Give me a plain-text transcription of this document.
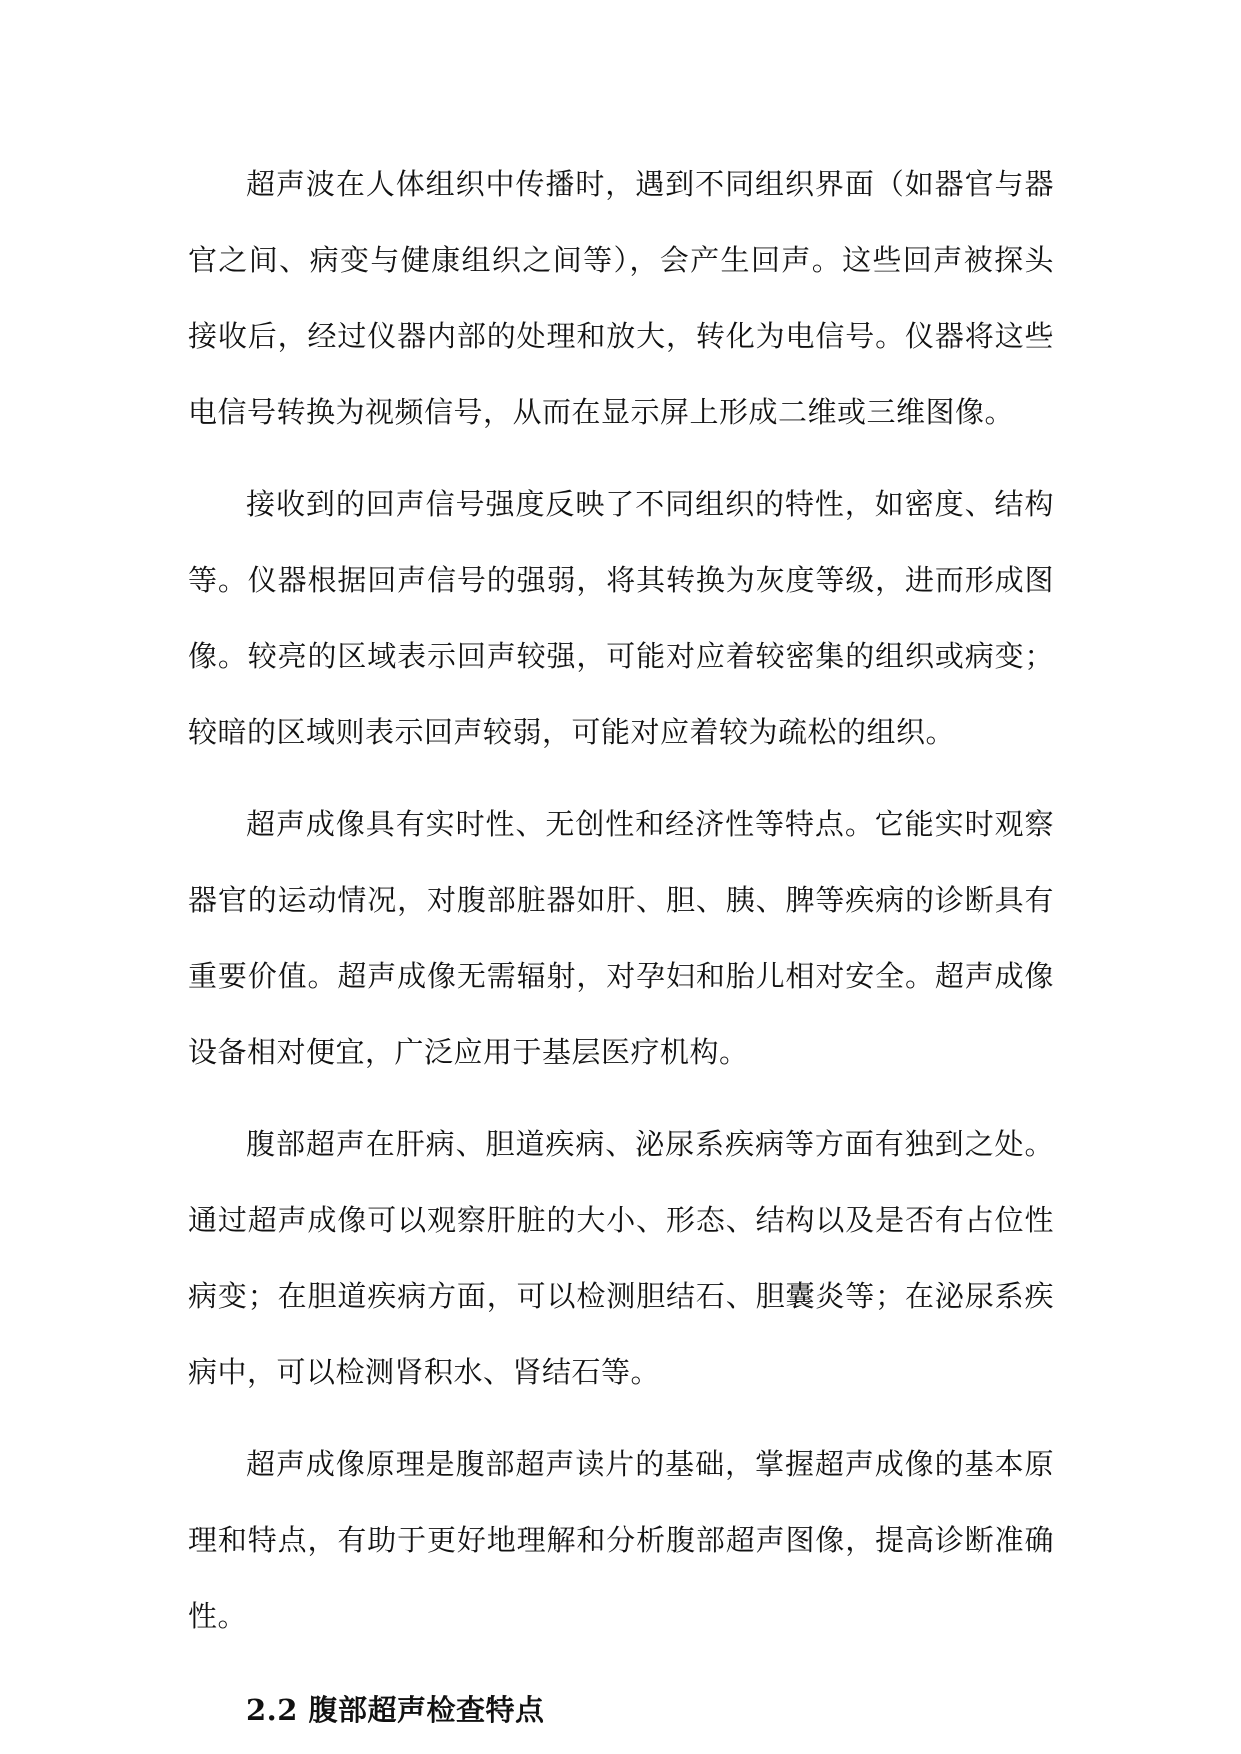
超声波在人体组织中传播时，遇到不同组织界面（如器官与器官之间、病变与健康组织之间等），会产生回声。这些回声被探头接收后，经过仪器内部的处理和放大，转化为电信号。仪器将这些电信号转换为视频信号，从而在显示屏上形成二维或三维图像。

接收到的回声信号强度反映了不同组织的特性，如密度、结构等。仪器根据回声信号的强弱，将其转换为灰度等级，进而形成图像。较亮的区域表示回声较强，可能对应着较密集的组织或病变；较暗的区域则表示回声较弱，可能对应着较为疏松的组织。

超声成像具有实时性、无创性和经济性等特点。它能实时观察器官的运动情况，对腹部脏器如肝、胆、胰、脾等疾病的诊断具有重要价值。超声成像无需辐射，对孕妇和胎儿相对安全。超声成像设备相对便宜，广泛应用于基层医疗机构。

腹部超声在肝病、胆道疾病、泌尿系疾病等方面有独到之处。通过超声成像可以观察肝脏的大小、形态、结构以及是否有占位性病变；在胆道疾病方面，可以检测胆结石、胆囊炎等；在泌尿系疾病中，可以检测肾积水、肾结石等。

超声成像原理是腹部超声读片的基础，掌握超声成像的基本原理和特点，有助于更好地理解和分析腹部超声图像，提高诊断准确性。

2.2 腹部超声检查特点
